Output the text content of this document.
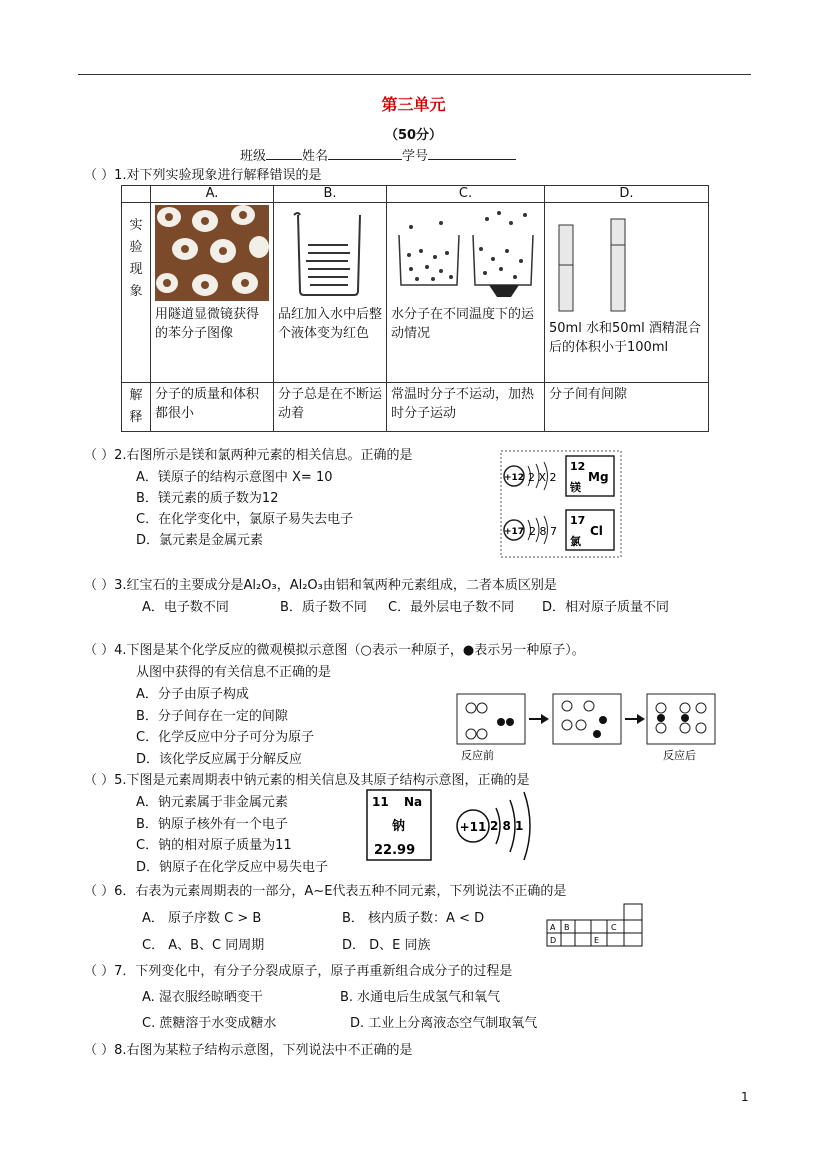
第三单元
（50分）
班级	姓名	学号
（ ）1.对下列实验现象进行解释错误的是
	A.	B.	C.	D.
实验现象	用隧道显微镜获得的苯分子图像	品红加入水中后整个液体变为红色	水分子在不同温度下的运动情况	50ml 水和50ml 酒精混合后的体积小于100ml

解释	分子的质量和体积都很小	分子总是在不断运动着	常温时分子不运动，加热时分子运动	分子间有间隙
（ ）2.右图所示是镁和氯两种元素的相关信息。正确的是
A．镁原子的结构示意图中 X= 10
B．镁元素的质子数为12
C．在化学变化中，氯原子易失去电子
D．氯元素是金属元素
+12 2 X 2
12
Mg
镁
+17 2 8 7
17
Cl
氯
（ ）3.红宝石的主要成分是Al₂O₃，Al₂O₃由铝和氧两种元素组成，二者本质区别是
A．电子数不同	B．质子数不同 C．最外层电子数不同 D．相对原子质量不同
（ ）4.下图是某个化学反应的微观模拟示意图（○表示一种原子，●表示另一种原子）。
从图中获得的有关信息不正确的是
A．分子由原子构成
B．分子间存在一定的间隙
C．化学反应中分子可分为原子
D．该化学反应属于分解反应	反应前	反应后
（ ）5.下图是元素周期表中钠元素的相关信息及其原子结构示意图，正确的是
A．钠元素属于非金属元素
B．钠原子核外有一个电子
C．钠的相对原子质量为11
D．钠原子在化学反应中易失电子
11 Na
钠
22.99
+11 2 8 1
（ ）6．右表为元素周期表的一部分，A~E代表五种不同元素，下列说法不正确的是
A． 原子序数 C > B	B． 核内质子数：A < D
C． A、B、C 同周期	D． D、E 同族
A B	C
D	E
（ ）7．下列变化中，有分子分裂成原子，原子再重新组合成分子的过程是
A. 湿衣服经晾晒变干	B. 水通电后生成氢气和氧气
C. 蔗糖溶于水变成糖水	D. 工业上分离液态空气制取氧气
（ ）8.右图为某粒子结构示意图，下列说法中不正确的是
1
